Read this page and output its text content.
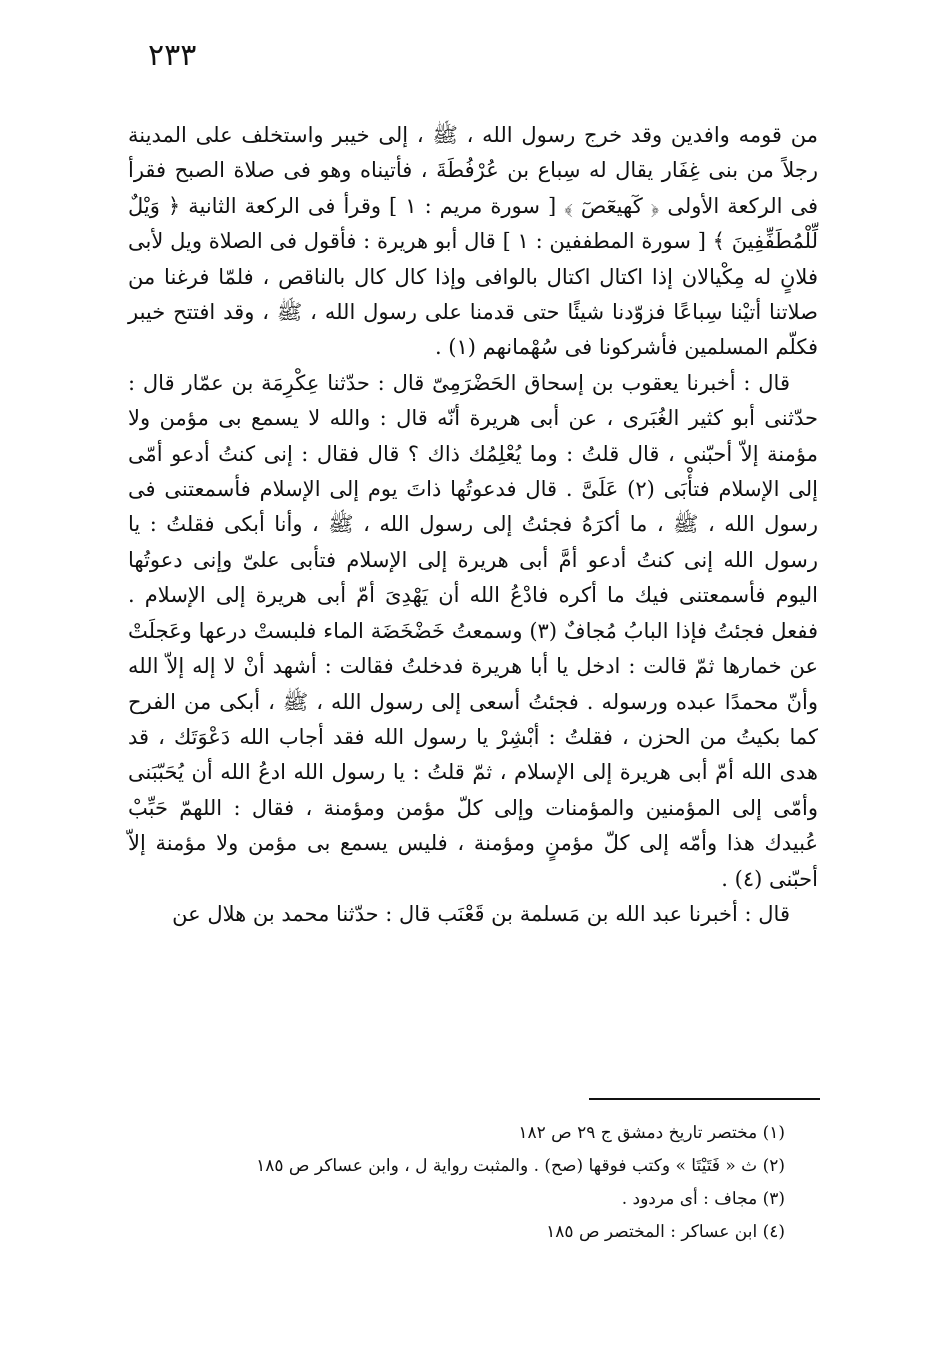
٢٣٣

من قومه وافدين وقد خرج رسول الله ، ﷺ ، إلى خيبر واستخلف على المدينة رجلاً من بنى غِفَار يقال له سِباع بن عُرْفُطَةَ ، فأتيناه وهو فى صلاة الصبح فقرأ فى الركعة الأولى ﴿ كٓهيعٓصٓ ﴾ [ سورة مريم : ١ ] وقرأ فى الركعة الثانية ﴿ وَيْلٌ لِّلْمُطَفِّفِينَ ﴾ [ سورة المطففين : ١ ] قال أبو هريرة : فأقول فى الصلاة ويل لأبى فلانٍ له مِكْيالان إذا اكتال اكتال بالوافى وإذا كال كال بالناقص ، فلمّا فرغنا من صلاتنا أتيْنا سِباعًا فزوّدنا شيئًا حتى قدمنا على رسول الله ، ﷺ ، وقد افتتح خيبر فكلّم المسلمين فأشركونا فى سُهْمانهم (١) .

قال : أخبرنا يعقوب بن إسحاق الحَضْرَمِىّ قال : حدّثنا عِكْرِمَة بن عمّار قال : حدّثنى أبو كثير الغُبَرى ، عن أبى هريرة أنّه قال : والله لا يسمع بى مؤمن ولا مؤمنة إلاّ أحبّنى ، قال قلتُ : وما يُعْلِمُك ذاك ؟ قال فقال : إنى كنتُ أدعو أمّى إلى الإسلام فتأْبَى (٢) عَلَىَّ . قال فدعوتُها ذاتَ يوم إلى الإسلام فأسمعتنى فى رسول الله ، ﷺ ، ما أكرَهُ فجئتُ إلى رسول الله ، ﷺ ، وأنا أبكى فقلتُ : يا رسول الله إنى كنتُ أدعو أمَّ أبى هريرة إلى الإسلام فتأبى علىّ وإنى دعوتُها اليوم فأسمعتنى فيك ما أكره فادْعُ الله أن يَهْدِىَ أمّ أبى هريرة إلى الإسلام . ففعل فجئتُ فإذا البابُ مُجافٌ (٣) وسمعتُ خَضْخَضَة الماء فلبستْ درعها وعَجلَتْ عن خمارها ثمّ قالت : ادخل يا أبا هريرة فدخلتُ فقالت : أشهد أنْ لا إله إلاّ الله وأنّ محمدًا عبده ورسوله . فجئتُ أسعى إلى رسول الله ، ﷺ ، أبكى من الفرح كما بكيتُ من الحزن ، فقلتُ : أبْشِرْ يا رسول الله فقد أجاب الله دَعْوَتَك ، قد هدى الله أمّ أبى هريرة إلى الإسلام ، ثمّ قلتُ : يا رسول الله ادعُ الله أن يُحَبّبَنى وأمّى إلى المؤمنين والمؤمنات وإلى كلّ مؤمن ومؤمنة ، فقال : اللهمّ حَبِّبْ عُبيدك هذا وأمّه إلى كلّ مؤمنٍ ومؤمنة ، فليس يسمع بى مؤمن ولا مؤمنة إلاّ أحبّنى (٤) .

قال : أخبرنا عبد الله بن مَسلمة بن قَعْنَب قال : حدّثنا محمد بن هلال عن

(١) مختصر تاريخ دمشق ج ٢٩ ص ١٨٢
(٢) ث « فَتَيْتَا » وكتب فوقها (صح) . والمثبت رواية ل ، وابن عساكر ص ١٨٥
(٣) مجاف : أى مردود .
(٤) ابن عساكر : المختصر ص ١٨٥
